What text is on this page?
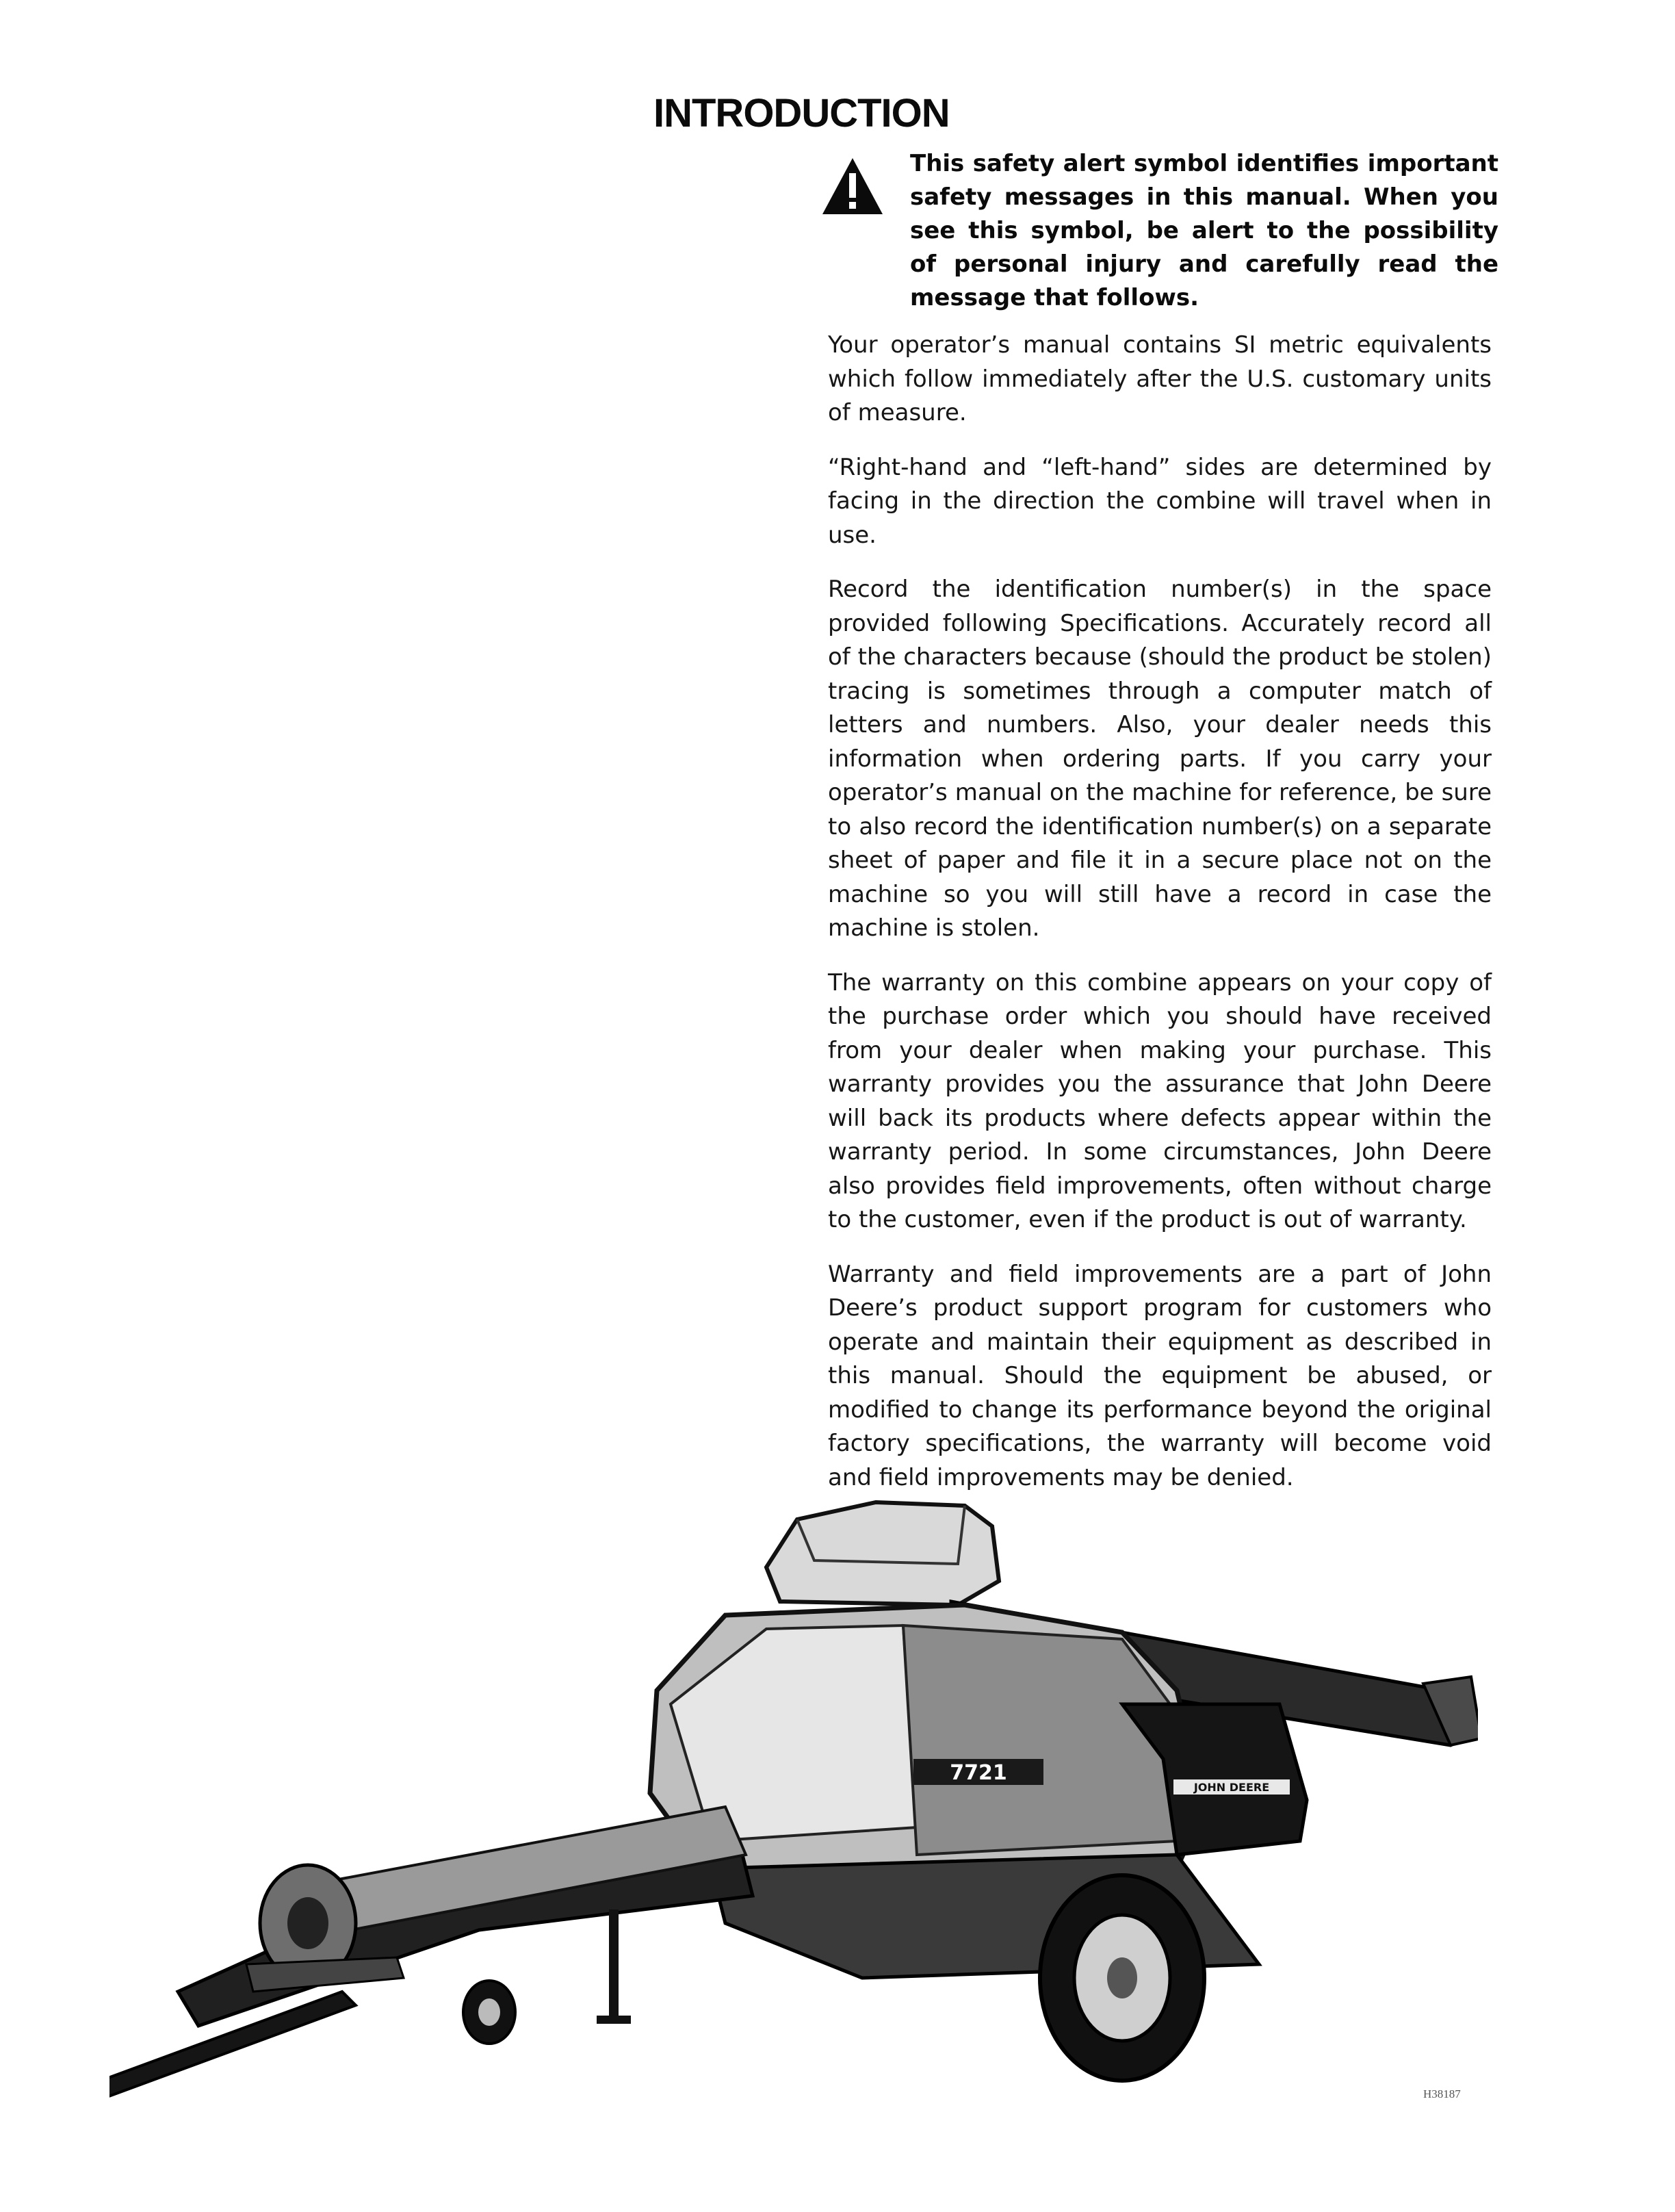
INTRODUCTION

This safety alert symbol identifies important safety messages in this manual. When you see this symbol, be alert to the possibility of personal injury and carefully read the message that follows.

Your operator’s manual contains SI metric equivalents which follow immediately after the U.S. customary units of measure.

“Right-hand and “left-hand” sides are determined by facing in the direction the combine will travel when in use.

Record the identification number(s) in the space provided following Specifications. Accurately record all of the characters because (should the product be stolen) tracing is sometimes through a computer match of letters and numbers. Also, your dealer needs this information when ordering parts. If you carry your operator’s manual on the machine for reference, be sure to also record the identification number(s) on a separate sheet of paper and file it in a secure place not on the machine so you will still have a record in case the machine is stolen.

The warranty on this combine appears on your copy of the purchase order which you should have received from your dealer when making your purchase. This warranty provides you the assurance that John Deere will back its products where defects appear within the warranty period. In some circumstances, John Deere also provides field improvements, often without charge to the customer, even if the product is out of warranty.

Warranty and field improvements are a part of John Deere’s product support program for customers who operate and maintain their equipment as described in this manual. Should the equipment be abused, or modified to change its performance beyond the original factory specifications, the warranty will become void and field improvements may be denied.

JOHN DEERE
7721
H38187
